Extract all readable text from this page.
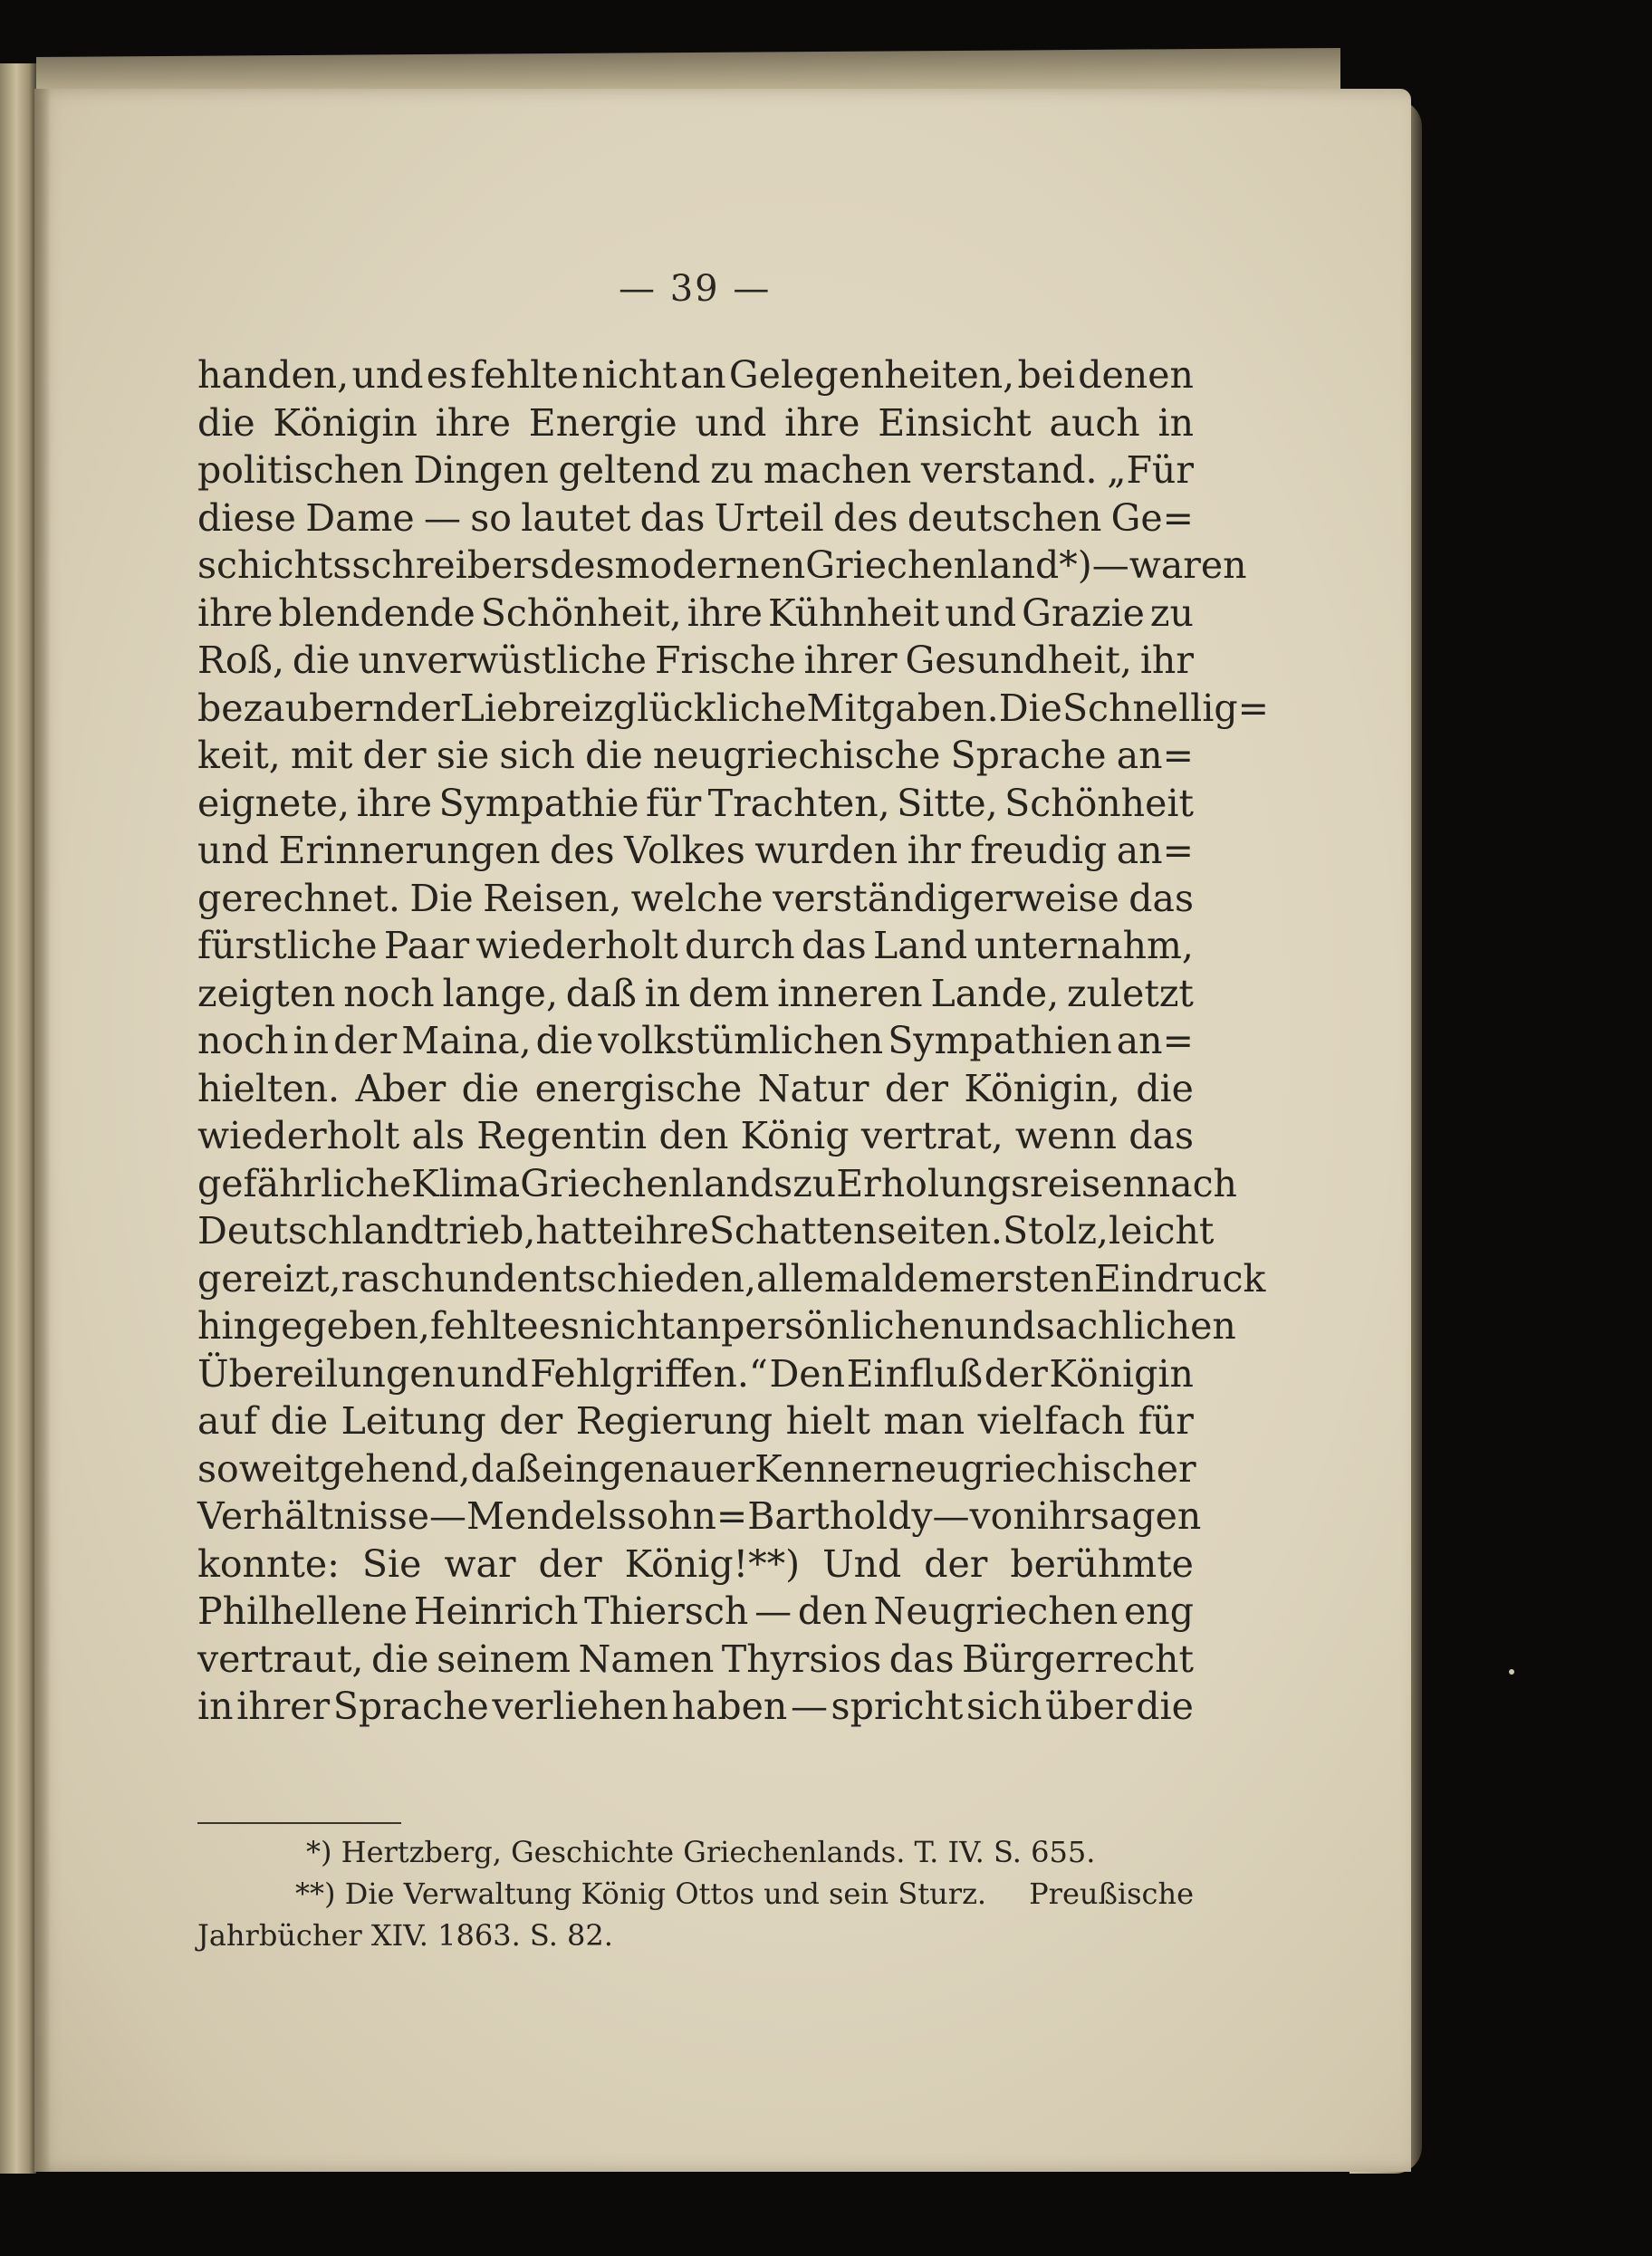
— 39 —
handen, und es fehlte nicht an Gelegenheiten, bei denen
die Königin ihre Energie und ihre Einsicht auch in
politischen Dingen geltend zu machen verstand. „Für
diese Dame — so lautet das Urteil des deutschen Ge=
schichtsschreibers des modernen Griechenland*) — waren
ihre blendende Schönheit, ihre Kühnheit und Grazie zu
Roß, die unverwüstliche Frische ihrer Gesundheit, ihr
bezaubernder Liebreiz glückliche Mitgaben. Die Schnellig=
keit, mit der sie sich die neugriechische Sprache an=
eignete, ihre Sympathie für Trachten, Sitte, Schönheit
und Erinnerungen des Volkes wurden ihr freudig an=
gerechnet. Die Reisen, welche verständigerweise das
fürstliche Paar wiederholt durch das Land unternahm,
zeigten noch lange, daß in dem inneren Lande, zuletzt
noch in der Maina, die volkstümlichen Sympathien an=
hielten. Aber die energische Natur der Königin, die
wiederholt als Regentin den König vertrat, wenn das
gefährliche Klima Griechenlands zu Erholungsreisen nach
Deutschland trieb, hatte ihre Schattenseiten. Stolz, leicht
gereizt, rasch und entschieden, allemal dem ersten Eindruck
hingegeben, fehlte es nicht an persönlichen und sachlichen
Übereilungen und Fehlgriffen.“ Den Einfluß der Königin
auf die Leitung der Regierung hielt man vielfach für
so weitgehend, daß ein genauer Kenner neugriechischer
Verhältnisse — Mendelssohn=Bartholdy — von ihr sagen
konnte: Sie war der König!**) Und der berühmte
Philhellene Heinrich Thiersch — den Neugriechen eng
vertraut, die seinem Namen Thyrsios das Bürgerrecht
in ihrer Sprache verliehen haben — spricht sich über die
*) Hertzberg, Geschichte Griechenlands. T. IV. S. 655.
**) Die Verwaltung König Ottos und sein Sturz. Preußische
Jahrbücher XIV. 1863. S. 82.
